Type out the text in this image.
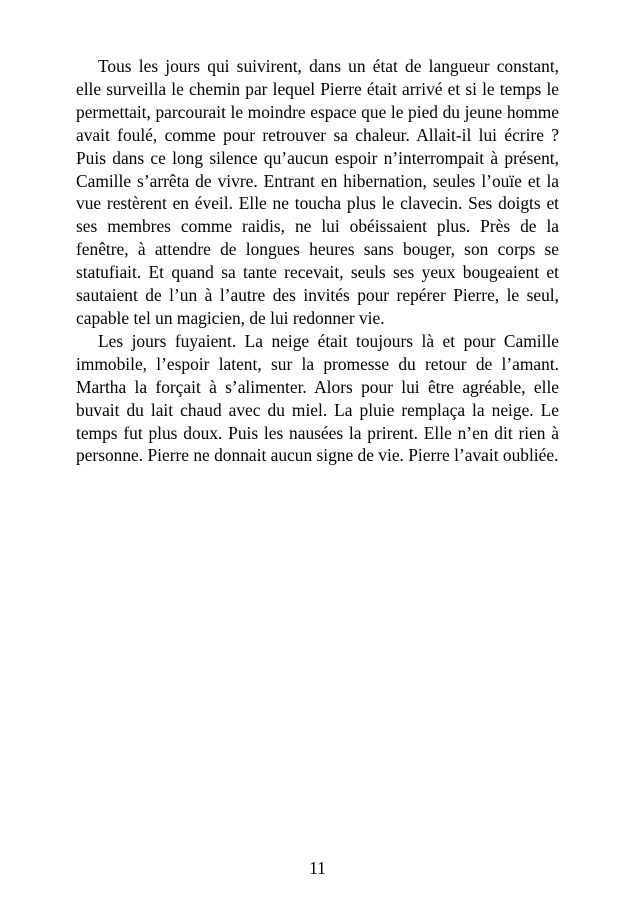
Tous les jours qui suivirent, dans un état de langueur constant, elle surveilla le chemin par lequel Pierre était arrivé et si le temps le permettait, parcourait le moindre espace que le pied du jeune homme avait foulé, comme pour retrouver sa chaleur. Allait-il lui écrire ? Puis dans ce long silence qu’aucun espoir n’interrompait à présent, Camille s’arrêta de vivre. Entrant en hibernation, seules l’ouïe et la vue restèrent en éveil. Elle ne toucha plus le clavecin. Ses doigts et ses membres comme raidis, ne lui obéissaient plus. Près de la fenêtre, à attendre de longues heures sans bouger, son corps se statufiait. Et quand sa tante recevait, seuls ses yeux bougeaient et sautaient de l’un à l’autre des invités pour repérer Pierre, le seul, capable tel un magicien, de lui redonner vie.

Les jours fuyaient. La neige était toujours là et pour Camille immobile, l’espoir latent, sur la promesse du retour de l’amant. Martha la forçait à s’alimenter. Alors pour lui être agréable, elle buvait du lait chaud avec du miel. La pluie remplaça la neige. Le temps fut plus doux. Puis les nausées la prirent. Elle n’en dit rien à personne. Pierre ne donnait aucun signe de vie. Pierre l’avait oubliée.

11
